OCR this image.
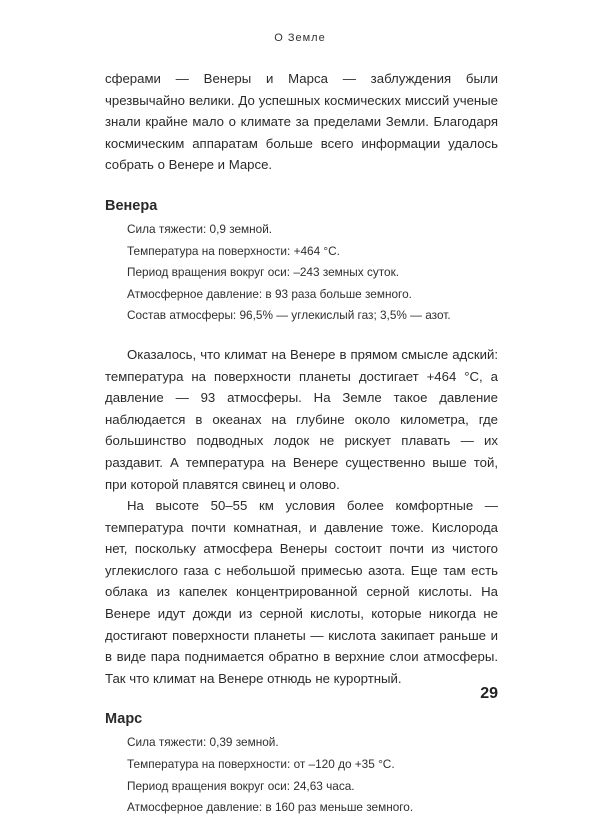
О Земле

сферами — Венеры и Марса — заблуждения были чрезвычайно велики. До успешных космических миссий ученые знали крайне мало о климате за пределами Земли. Благодаря космическим аппаратам больше всего информации удалось собрать о Венере и Марсе.

Венера
Сила тяжести: 0,9 земной.
Температура на поверхности: +464 °С.
Период вращения вокруг оси: –243 земных суток.
Атмосферное давление: в 93 раза больше земного.
Состав атмосферы: 96,5% — углекислый газ; 3,5% — азот.

Оказалось, что климат на Венере в прямом смысле адский: температура на поверхности планеты достигает +464 °С, а давление — 93 атмосферы. На Земле такое давление наблюдается в океанах на глубине около километра, где большинство подводных лодок не рискует плавать — их раздавит. А температура на Венере существенно выше той, при которой плавятся свинец и олово.

На высоте 50–55 км условия более комфортные — температура почти комнатная, и давление тоже. Кислорода нет, поскольку атмосфера Венеры состоит почти из чистого углекислого газа с небольшой примесью азота. Еще там есть облака из капелек концентрированной серной кислоты. На Венере идут дожди из серной кислоты, которые никогда не достигают поверхности планеты — кислота закипает раньше и в виде пара поднимается обратно в верхние слои атмосферы. Так что климат на Венере отнюдь не курортный.

Марс
Сила тяжести: 0,39 земной.
Температура на поверхности: от –120 до +35 °С.
Период вращения вокруг оси: 24,63 часа.
Атмосферное давление: в 160 раз меньше земного.
29
